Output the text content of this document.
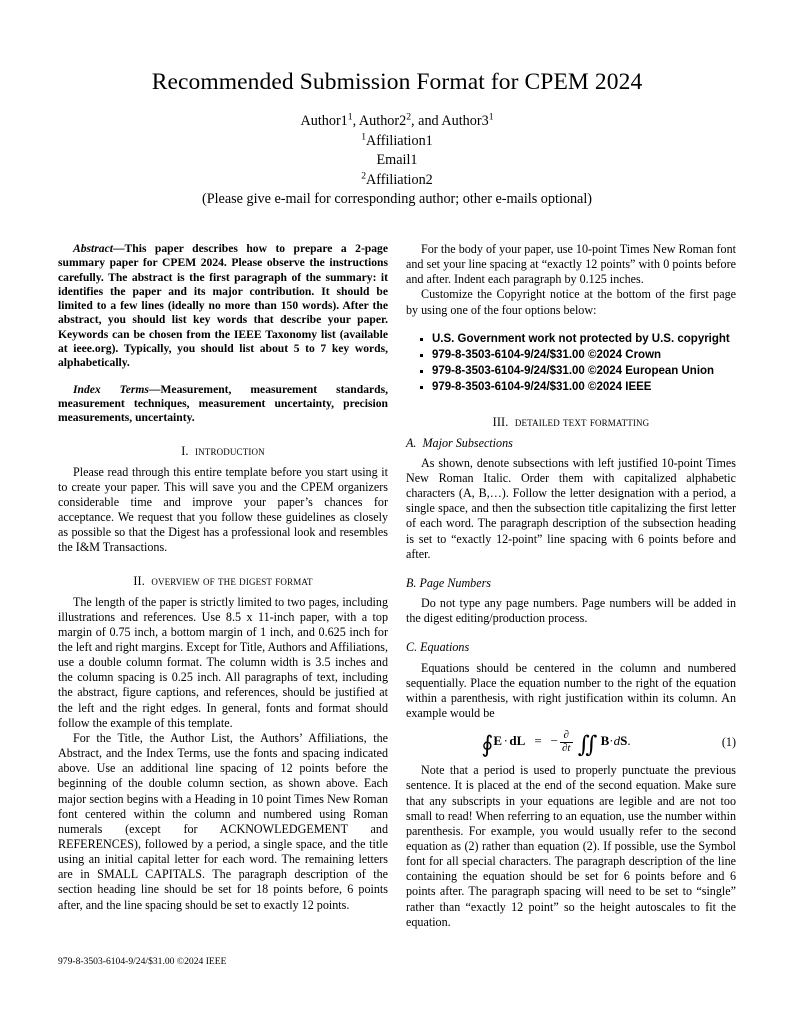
Recommended Submission Format for CPEM 2024
$Author1^1$, $Author2^2$, and $Author3^1$
$^1$Affiliation1
Email1
$^2$Affiliation2
(Please give e-mail for corresponding author; other e-mails optional)

Abstract—This paper describes how to prepare a 2-page summary paper for CPEM 2024. Please observe the instructions carefully. The abstract is the first paragraph of the summary: it identifies the paper and its major contribution. It should be limited to a few lines (ideally no more than 150 words). After the abstract, you should list key words that describe your paper. Keywords can be chosen from the IEEE Taxonomy list (available at ieee.org). Typically, you should list about 5 to 7 key words, alphabetically.

Index Terms—Measurement, measurement standards, measurement techniques, measurement uncertainty, precision measurements, uncertainty.

I. introduction

Please read through this entire template before you start using it to create your paper. This will save you and the CPEM organizers considerable time and improve your paper’s chances for acceptance. We request that you follow these guidelines as closely as possible so that the Digest has a professional look and resembles the I&M Transactions.

II. overview of the digest format

The length of the paper is strictly limited to two pages, including illustrations and references. Use 8.5 x 11-inch paper, with a top margin of 0.75 inch, a bottom margin of 1 inch, and 0.625 inch for the left and right margins. Except for Title, Authors and Affiliations, use a double column format. The column width is 3.5 inches and the column spacing is 0.25 inch. All paragraphs of text, including the abstract, figure captions, and references, should be justified at the left and the right edges. In general, fonts and format should follow the example of this template.

For the Title, the Author List, the Authors’ Affiliations, the Abstract, and the Index Terms, use the fonts and spacing indicated above. Use an additional line spacing of 12 points before the beginning of the double column section, as shown above. Each major section begins with a Heading in 10 point Times New Roman font centered within the column and numbered using Roman numerals (except for ACKNOWLEDGEMENT and REFERENCES), followed by a period, a single space, and the title using an initial capital letter for each word. The remaining letters are in SMALL CAPITALS. The paragraph description of the section heading line should be set for 18 points before, 6 points after, and the line spacing should be set to exactly 12 points.

For the body of your paper, use 10-point Times New Roman font and set your line spacing at “exactly 12 points” with 0 points before and after. Indent each paragraph by 0.125 inches.

Customize the Copyright notice at the bottom of the first page by using one of the four options below:

U.S. Government work not protected by U.S. copyright
979-8-3503-6104-9/24/$31.00 ©2024 Crown
979-8-3503-6104-9/24/$31.00 ©2024 European Union
979-8-3503-6104-9/24/$31.00 ©2024 IEEE
III. detailed text formatting
A. Major Subsections

As shown, denote subsections with left justified 10-point Times New Roman Italic. Order them with capitalized alphabetic characters (A, B,…). Follow the letter designation with a period, a single space, and then the subsection title capitalizing the first letter of each word. The paragraph description of the subsection heading is set to “exactly 12-point” line spacing with 6 points before and after.

B. Page Numbers

Do not type any page numbers. Page numbers will be added in the digest editing/production process.

C. Equations

Equations should be centered in the column and numbered sequentially. Place the equation number to the right of the equation within a parenthesis, with right justification within its column. An example would be

∮E · dL = − $\frac{\partial}{\partial t}$ ∬ B·dS.	(1)

Note that a period is used to properly punctuate the previous sentence. It is placed at the end of the second equation. Make sure that any subscripts in your equations are legible and are not too small to read! When referring to an equation, use the number within parenthesis. For example, you would usually refer to the second equation as (2) rather than equation (2). If possible, use the Symbol font for all special characters. The paragraph description of the line containing the equation should be set for 6 points before and 6 points after. The paragraph spacing will need to be set to “single” rather than “exactly 12 point” so the height autoscales to fit the equation.

979-8-3503-6104-9/24/$31.00 ©2024 IEEE
